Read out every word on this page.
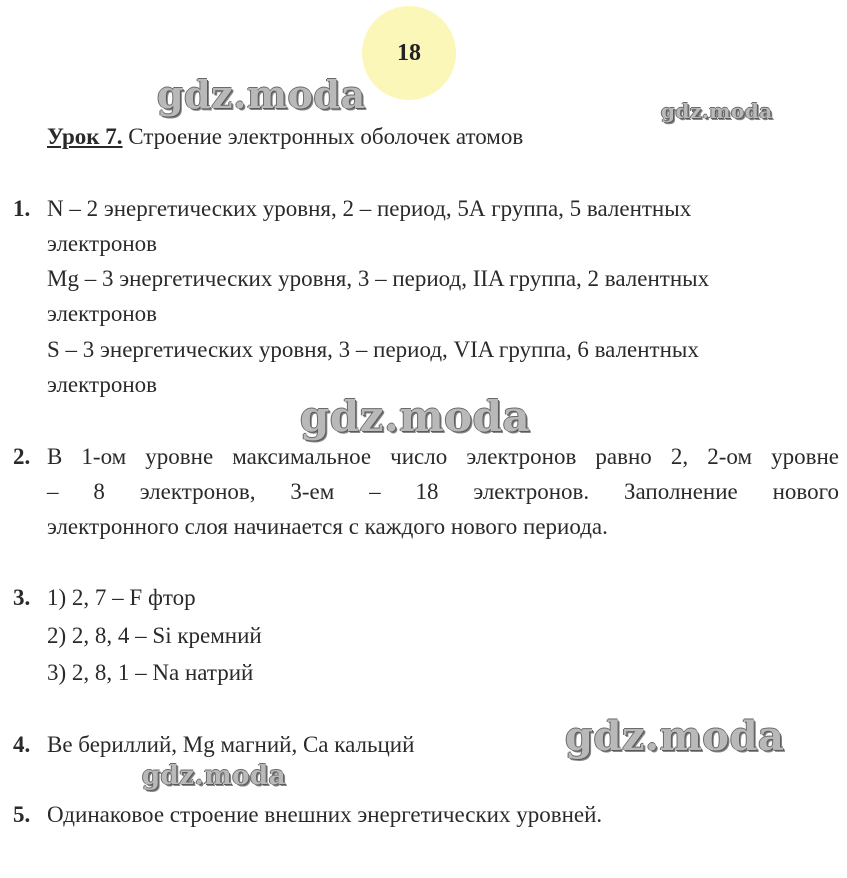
18
gdz.moda	gdz.moda
gdz.moda
gdz.moda
gdz.moda
Урок 7. Строение электронных оболочек атомов
1. N – 2 энергетических уровня, 2 – период, 5А группа, 5 валентных
электронов
Mg – 3 энергетических уровня, 3 – период, IIA группа, 2 валентных
электронов
S – 3 энергетических уровня, 3 – период, VIA группа, 6 валентных
электронов
2. В 1-ом уровне максимальное число электронов равно 2, 2-ом уровне
– 8 электронов, 3-ем – 18 электронов. Заполнение нового
электронного слоя начинается с каждого нового периода.
3. 1) 2, 7 – F фтор
2) 2, 8, 4 – Si кремний
3) 2, 8, 1 – Na натрий
4. Be бериллий, Mg магний, Ca кальций
5. Одинаковое строение внешних энергетических уровней.
